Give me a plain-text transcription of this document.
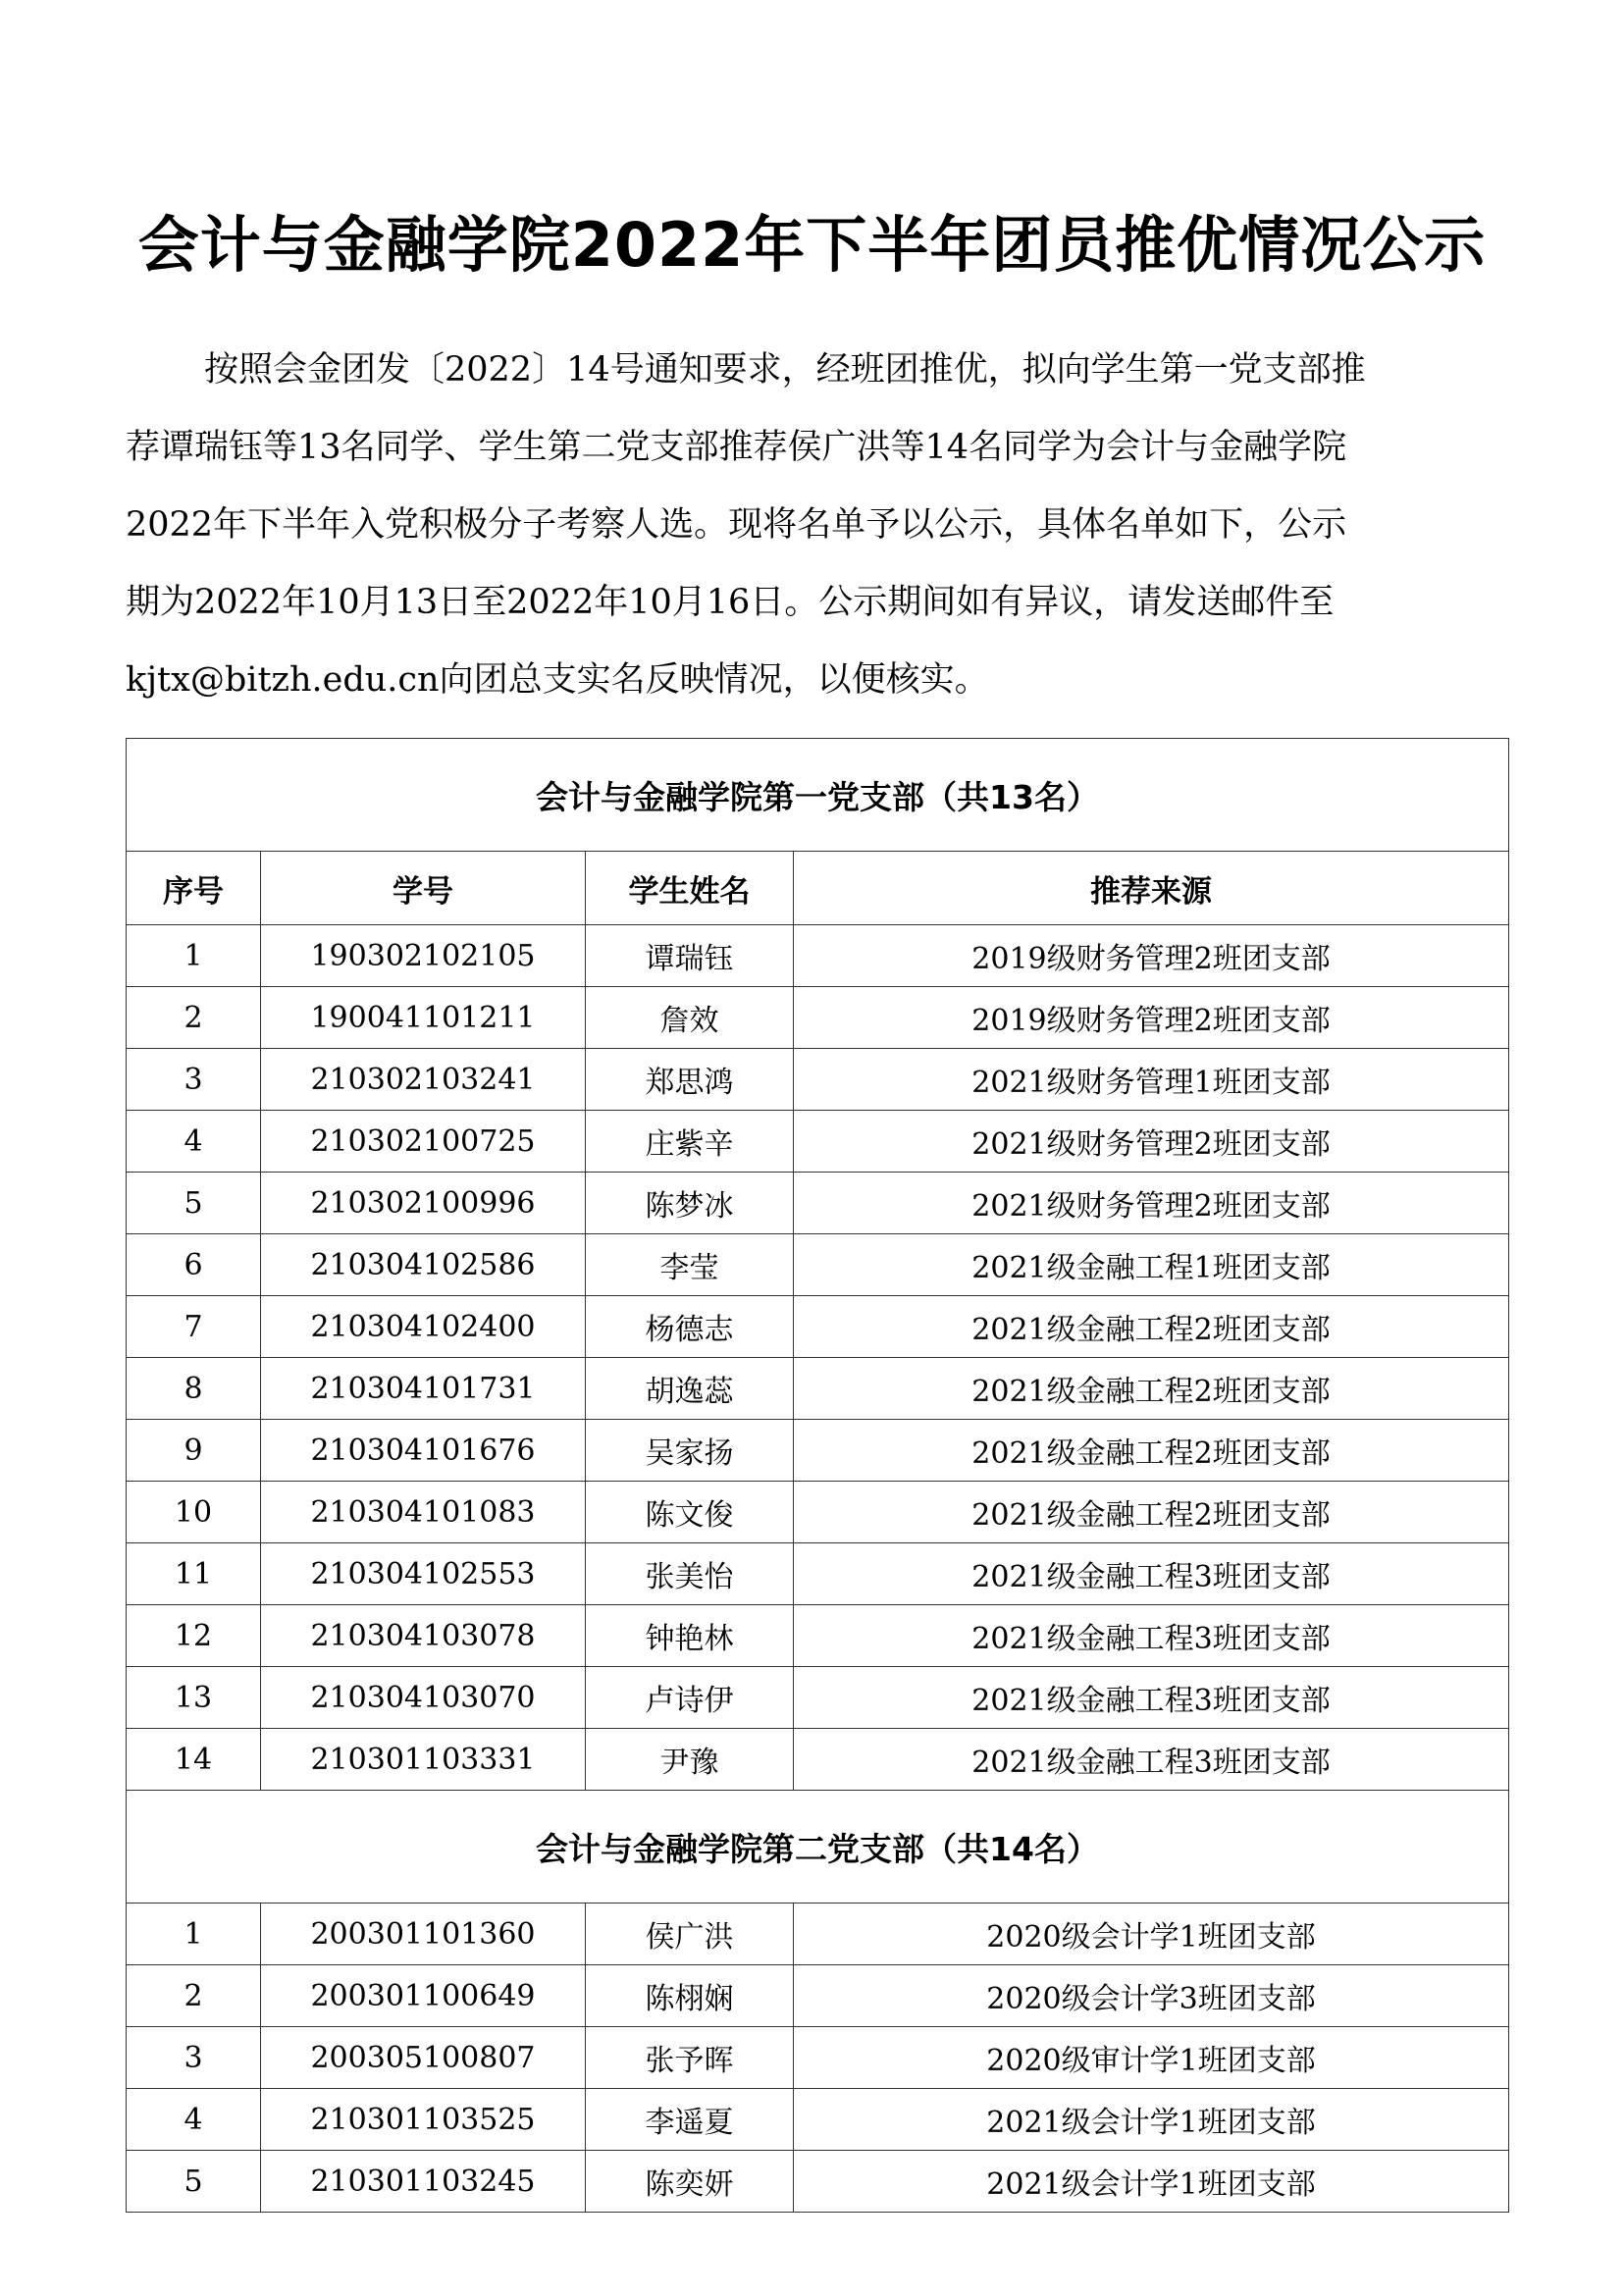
会计与金融学院2022年下半年团员推优情况公示

按照会金团发〔2022〕14号通知要求，经班团推优，拟向学生第一党支部推

荐谭瑞钰等13名同学、学生第二党支部推荐侯广洪等14名同学为会计与金融学院

2022年下半年入党积极分子考察人选。现将名单予以公示，具体名单如下，公示

期为2022年10月13日至2022年10月16日。公示期间如有异议，请发送邮件至

kjtx@bitzh.edu.cn向团总支实名反映情况，以便核实。

会计与金融学院第一党支部（共13名）			
序号	学号	学生姓名	推荐来源
1	190302102105	谭瑞钰	2019级财务管理2班团支部
2	190041101211	詹效	2019级财务管理2班团支部
3	210302103241	郑思鸿	2021级财务管理1班团支部
4	210302100725	庄紫辛	2021级财务管理2班团支部
5	210302100996	陈梦冰	2021级财务管理2班团支部
6	210304102586	李莹	2021级金融工程1班团支部
7	210304102400	杨德志	2021级金融工程2班团支部
8	210304101731	胡逸蕊	2021级金融工程2班团支部
9	210304101676	吴家扬	2021级金融工程2班团支部
10	210304101083	陈文俊	2021级金融工程2班团支部
11	210304102553	张美怡	2021级金融工程3班团支部
12	210304103078	钟艳林	2021级金融工程3班团支部
13	210304103070	卢诗伊	2021级金融工程3班团支部
14	210301103331	尹豫	2021级金融工程3班团支部
会计与金融学院第二党支部（共14名）			
1	200301101360	侯广洪	2020级会计学1班团支部
2	200301100649	陈栩娴	2020级会计学3班团支部
3	200305100807	张予晖	2020级审计学1班团支部
4	210301103525	李遥夏	2021级会计学1班团支部
5	210301103245	陈奕妍	2021级会计学1班团支部
